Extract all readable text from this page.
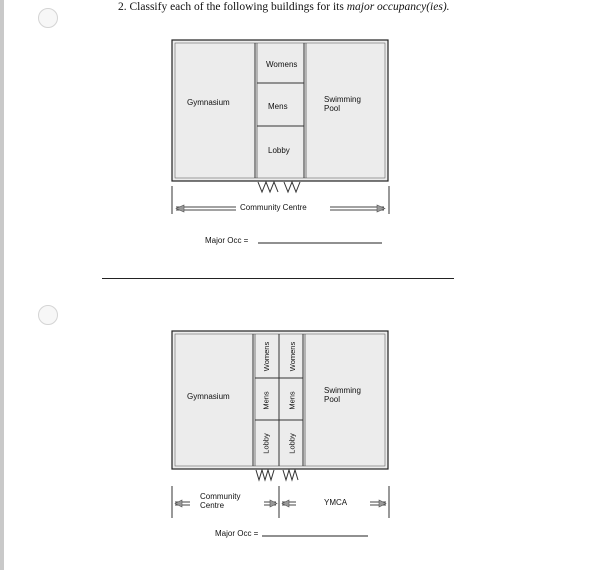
2. Classify each of the following buildings for its major occupancy(ies).
Womens
Gymnasium	Mens
Swimming
Pool
Lobby
Community Centre
Major Occ =
Gymnasium
Swimming
Pool
Womens Womens
Mens Mens
Lobby Lobby
Community
Centre	YMCA
Major Occ =
